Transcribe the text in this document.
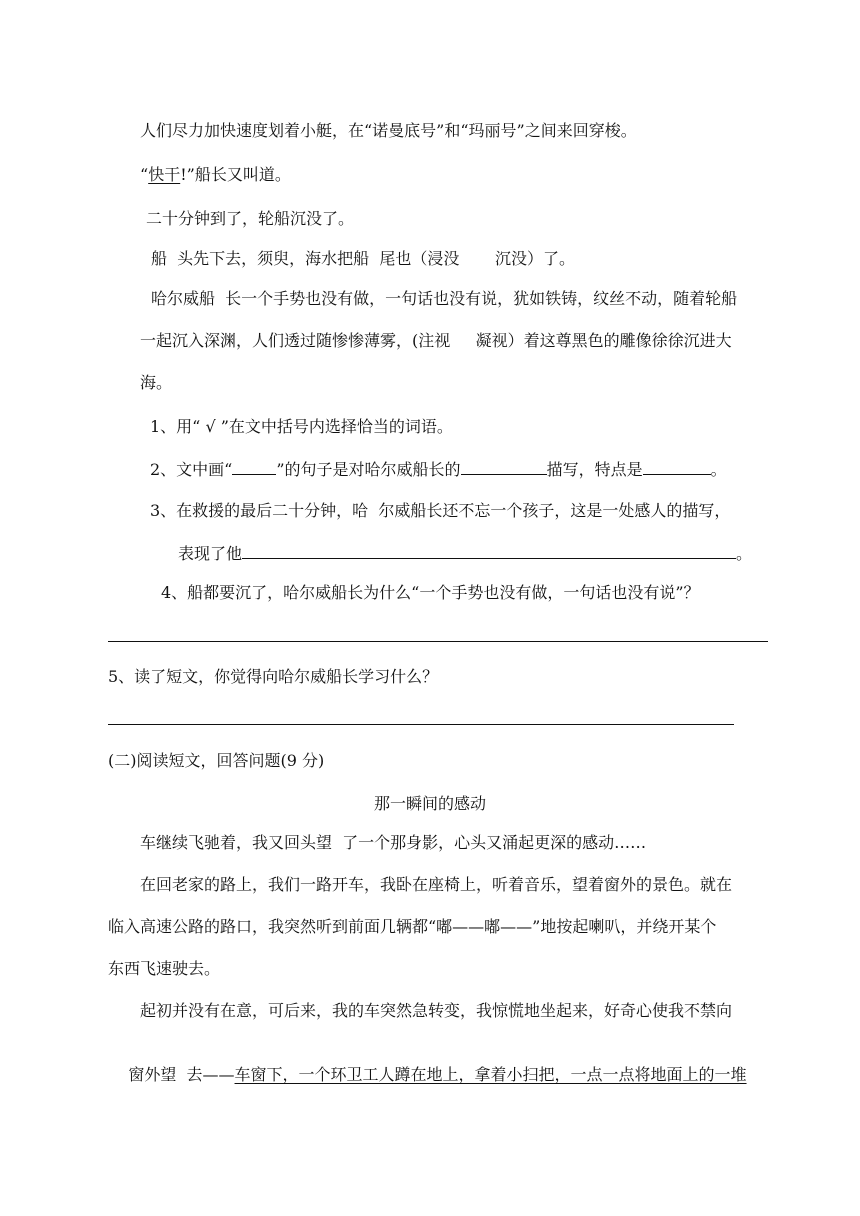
人们尽力加快速度划着小艇，在“诺曼底号”和“玛丽号”之间来回穿梭。
“快干!”船长又叫道。
二十分钟到了，轮船沉没了。
船  头先下去，须臾，海水把船  尾也（浸没       沉没）了。
哈尔威船  长一个手势也没有做，一句话也没有说，犹如铁铸，纹丝不动，随着轮船
一起沉入深渊，人们透过随惨惨薄雾，(注视     凝视）着这尊黑色的雕像徐徐沉进大
海。
1、用“ √ ”在文中括号内选择恰当的词语。
2、文中画“	”的句子是对哈尔威船长的	描写，特点是	。
3、在救援的最后二十分钟，哈  尔威船长还不忘一个孩子，这是一处感人的描写，
表现了他	。
4、船都要沉了，哈尔威船长为什么“一个手势也没有做，一句话也没有说”？
5、读了短文，你觉得向哈尔威船长学习什么？
(二)阅读短文，回答问题(9 分)
那一瞬间的感动
车继续飞驰着，我又回头望  了一个那身影，心头又涌起更深的感动……
在回老家的路上，我们一路开车，我卧在座椅上，听着音乐，望着窗外的景色。就在
临入高速公路的路口，我突然听到前面几辆都“嘟——嘟——”地按起喇叭，并绕开某个
东西飞速驶去。
起初并没有在意，可后来，我的车突然急转变，我惊慌地坐起来，好奇心使我不禁向

窗外望  去——车窗下，一个环卫工人蹲在地上，拿着小扫把，一点一点将地面上的一堆
